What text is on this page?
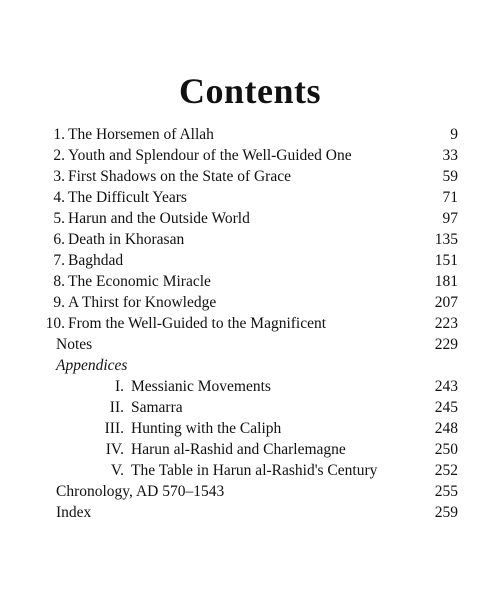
Contents
1. The Horsemen of Allah	9
2. Youth and Splendour of the Well-Guided One	33
3. First Shadows on the State of Grace	59
4. The Difficult Years	71
5. Harun and the Outside World	97
6. Death in Khorasan	135
7. Baghdad	151
8. The Economic Miracle	181
9. A Thirst for Knowledge	207
10. From the Well-Guided to the Magnificent	223
Notes	229
Appendices
I. Messianic Movements	243
II. Samarra	245
III. Hunting with the Caliph	248
IV. Harun al-Rashid and Charlemagne	250
V. The Table in Harun al-Rashid's Century	252
Chronology, AD 570–1543	255
Index	259
